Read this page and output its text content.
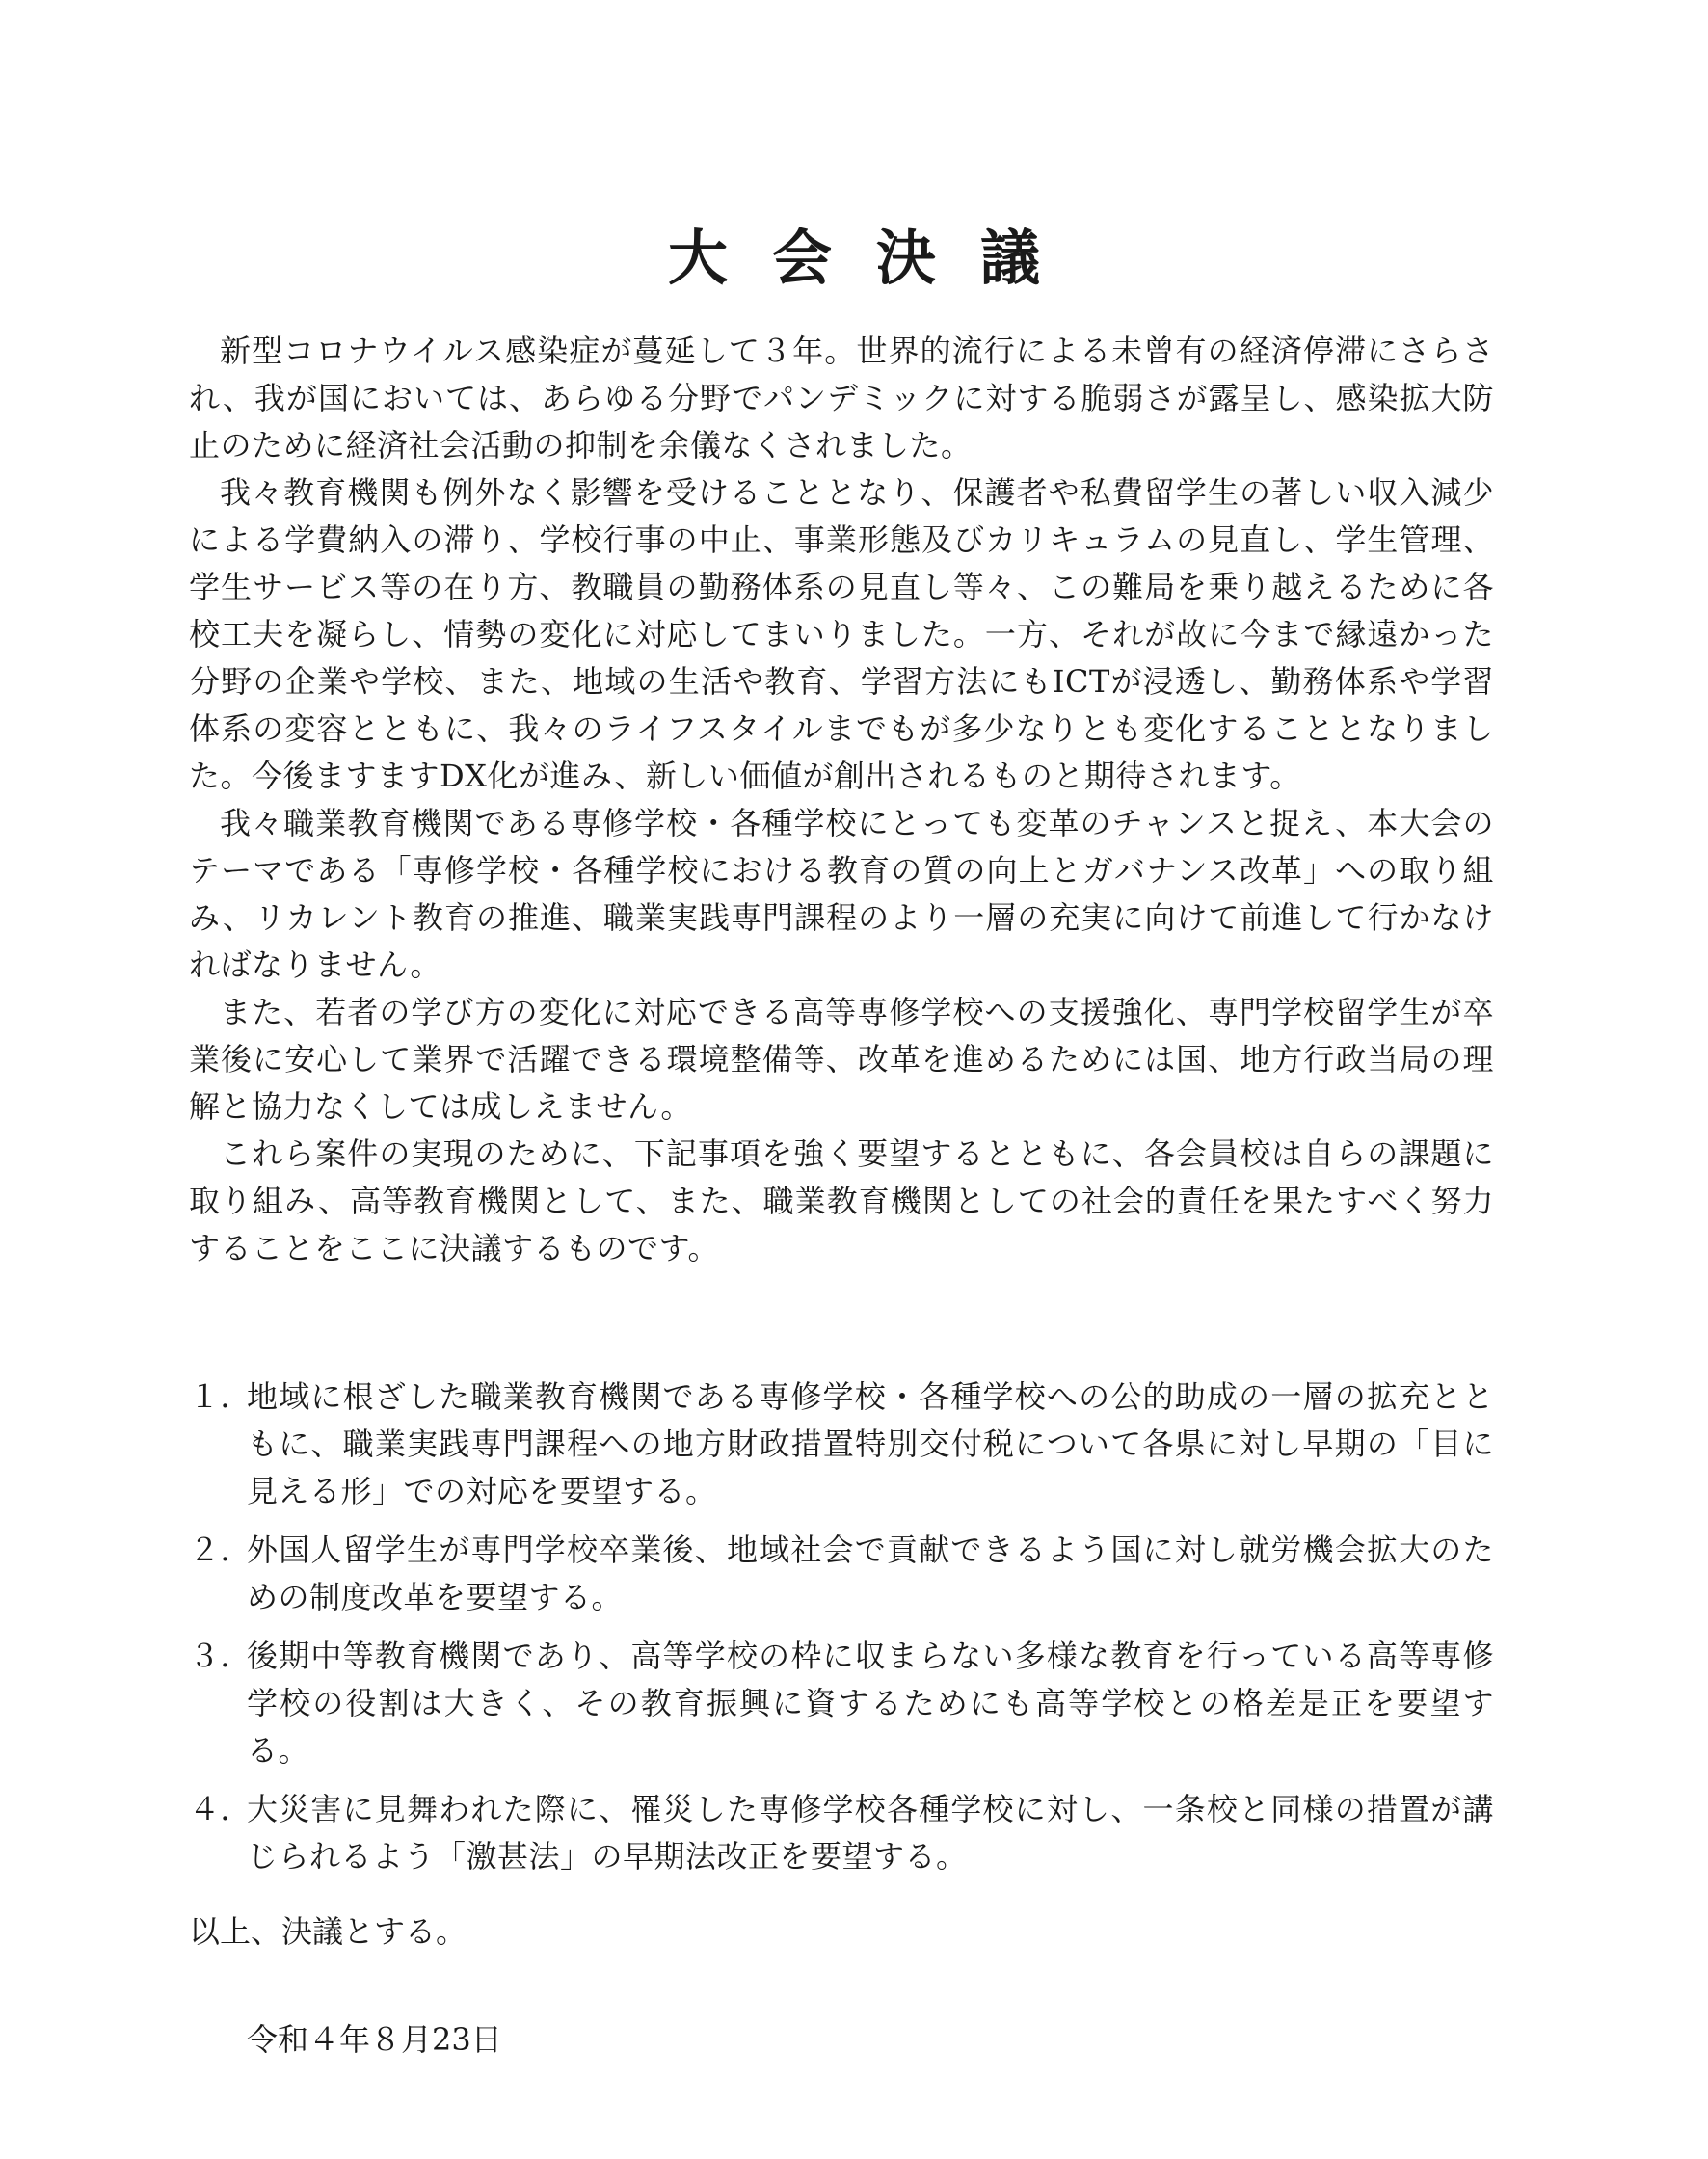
大会決議

新型コロナウイルス感染症が蔓延して３年。世界的流行による未曾有の経済停滞にさらされ、我が国においては、あらゆる分野でパンデミックに対する脆弱さが露呈し、感染拡大防止のために経済社会活動の抑制を余儀なくされました。

我々教育機関も例外なく影響を受けることとなり、保護者や私費留学生の著しい収入減少による学費納入の滞り、学校行事の中止、事業形態及びカリキュラムの見直し、学生管理、学生サービス等の在り方、教職員の勤務体系の見直し等々、この難局を乗り越えるために各校工夫を凝らし、情勢の変化に対応してまいりました。一方、それが故に今まで縁遠かった分野の企業や学校、また、地域の生活や教育、学習方法にもICTが浸透し、勤務体系や学習体系の変容とともに、我々のライフスタイルまでもが多少なりとも変化することとなりました。今後ますますDX化が進み、新しい価値が創出されるものと期待されます。

我々職業教育機関である専修学校・各種学校にとっても変革のチャンスと捉え、本大会のテーマである「専修学校・各種学校における教育の質の向上とガバナンス改革」への取り組み、リカレント教育の推進、職業実践専門課程のより一層の充実に向けて前進して行かなければなりません。

また、若者の学び方の変化に対応できる高等専修学校への支援強化、専門学校留学生が卒業後に安心して業界で活躍できる環境整備等、改革を進めるためには国、地方行政当局の理解と協力なくしては成しえません。

これら案件の実現のために、下記事項を強く要望するとともに、各会員校は自らの課題に取り組み、高等教育機関として、また、職業教育機関としての社会的責任を果たすべく努力することをここに決議するものです。

１．
地域に根ざした職業教育機関である専修学校・各種学校への公的助成の一層の拡充とともに、職業実践専門課程への地方財政措置特別交付税について各県に対し早期の「目に見える形」での対応を要望する。
２．
外国人留学生が専門学校卒業後、地域社会で貢献できるよう国に対し就労機会拡大のための制度改革を要望する。
３．
後期中等教育機関であり、高等学校の枠に収まらない多様な教育を行っている高等専修学校の役割は大きく、その教育振興に資するためにも高等学校との格差是正を要望する。
４．
大災害に見舞われた際に、罹災した専修学校各種学校に対し、一条校と同様の措置が講じられるよう「激甚法」の早期法改正を要望する。
以上、決議とする。
令和４年８月23日
